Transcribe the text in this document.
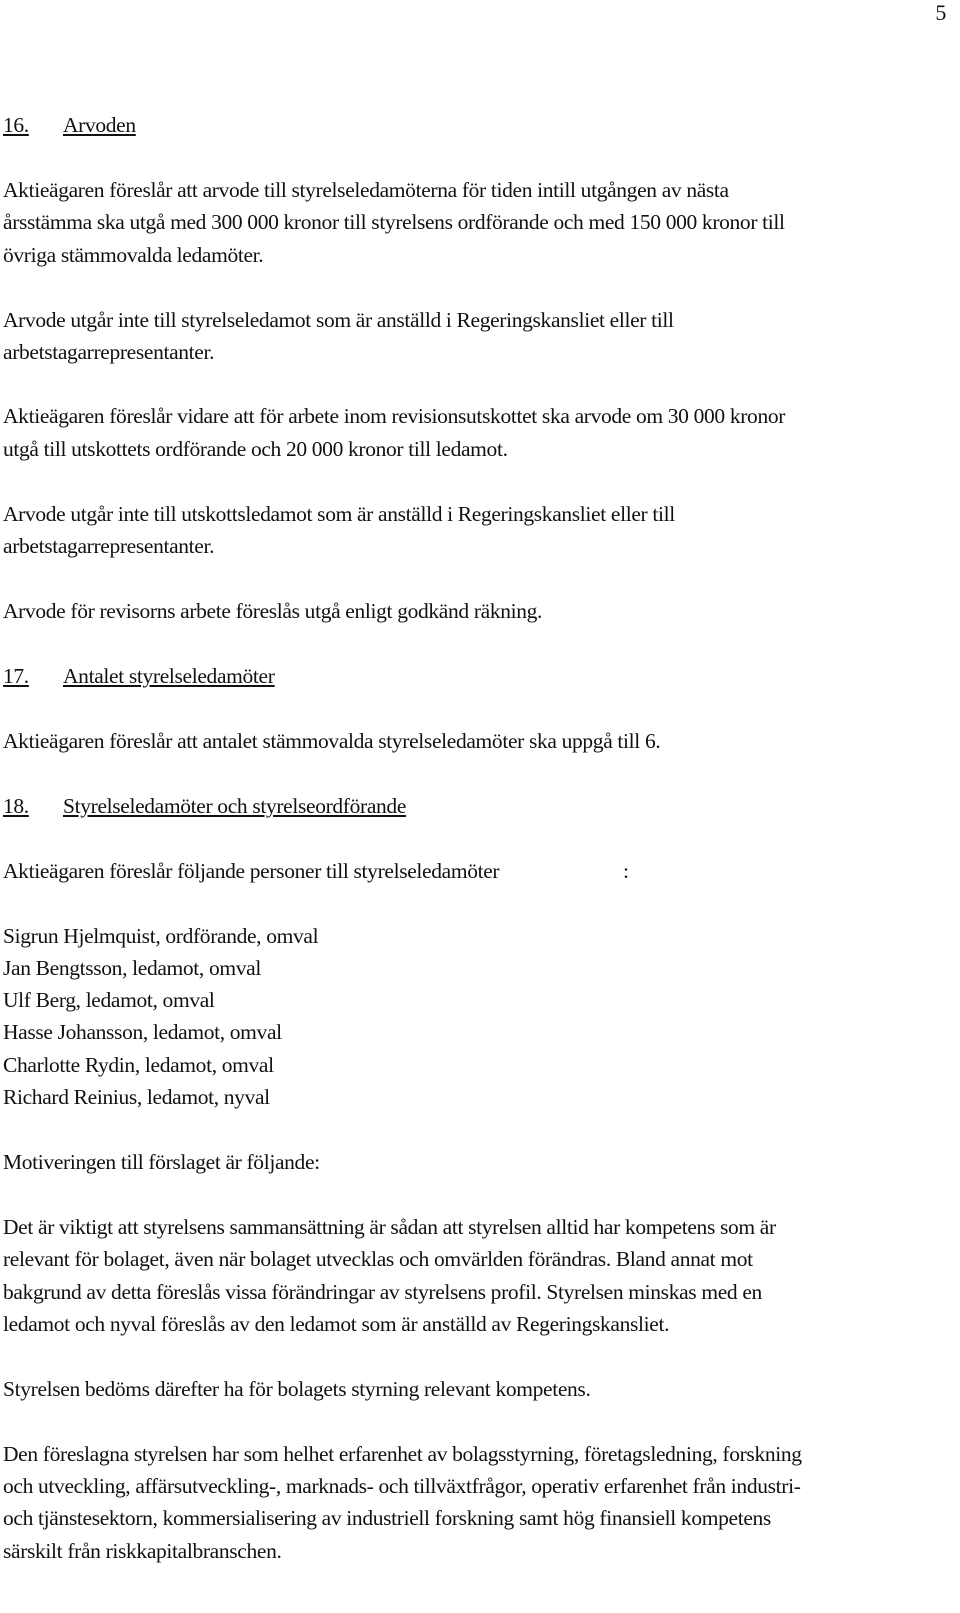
5
16. Arvoden
Aktieägaren föreslår att arvode till styrelseledamöterna för tiden intill utgången av nästa
årsstämma ska utgå med 300 000 kronor till styrelsens ordförande och med 150 000 kronor till
övriga stämmovalda ledamöter.
Arvode utgår inte till styrelseledamot som är anställd i Regeringskansliet eller till
arbetstagarrepresentanter.
Aktieägaren föreslår vidare att för arbete inom revisionsutskottet ska arvode om 30 000 kronor
utgå till utskottets ordförande och 20 000 kronor till ledamot.
Arvode utgår inte till utskottsledamot som är anställd i Regeringskansliet eller till
arbetstagarrepresentanter.
Arvode för revisorns arbete föreslås utgå enligt godkänd räkning.
17. Antalet styrelseledamöter
Aktieägaren föreslår att antalet stämmovalda styrelseledamöter ska uppgå till 6.
18. Styrelseledamöter och styrelseordförande
Aktieägaren föreslår följande personer till styrelseledamöter	:
Sigrun Hjelmquist, ordförande, omval
Jan Bengtsson, ledamot, omval
Ulf Berg, ledamot, omval
Hasse Johansson, ledamot, omval
Charlotte Rydin, ledamot, omval
Richard Reinius, ledamot, nyval
Motiveringen till förslaget är följande:
Det är viktigt att styrelsens sammansättning är sådan att styrelsen alltid har kompetens som är
relevant för bolaget, även när bolaget utvecklas och omvärlden förändras. Bland annat mot
bakgrund av detta föreslås vissa förändringar av styrelsens profil. Styrelsen minskas med en
ledamot och nyval föreslås av den ledamot som är anställd av Regeringskansliet.
Styrelsen bedöms därefter ha för bolagets styrning relevant kompetens.
Den föreslagna styrelsen har som helhet erfarenhet av bolagsstyrning, företagsledning, forskning
och utveckling, affärsutveckling-, marknads- och tillväxtfrågor, operativ erfarenhet från industri-
och tjänstesektorn, kommersialisering av industriell forskning samt hög finansiell kompetens
särskilt från riskkapitalbranschen.
